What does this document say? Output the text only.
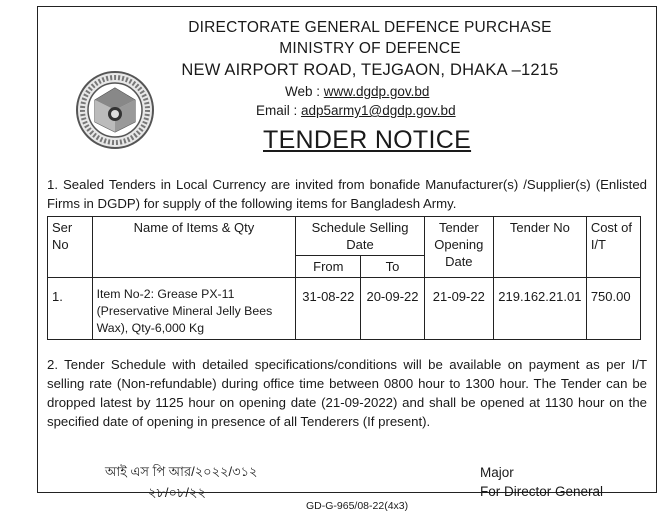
DIRECTORATE GENERAL DEFENCE PURCHASE
MINISTRY OF DEFENCE
NEW AIRPORT ROAD, TEJGAON, DHAKA –1215
Web : www.dgdp.gov.bd
Email : adp5army1@dgdp.gov.bd
TENDER NOTICE
1. Sealed Tenders in Local Currency are invited from bonafide Manufacturer(s) /Supplier(s) (Enlisted Firms in DGDP) for supply of the following items for Bangladesh Army.
Ser No	Name of Items & Qty	Schedule Selling Date		Tender Opening Date	Tender No	Cost of I/T
		From	To			
1.	Item No-2: Grease PX-11 (Preservative Mineral Jelly Bees Wax), Qty-6,000 Kg	31-08-22	20-09-22	21-09-22	219.162.21.01	750.00
2. Tender Schedule with detailed specifications/conditions will be available on payment as per I/T selling rate (Non-refundable) during office time between 0800 hour to 1300 hour. The Tender can be dropped latest by 1125 hour on opening date (21-09-2022) and shall be opened at 1130 hour on the specified date of opening in presence of all Tenderers (If present).
আই এস পি আর/২০২২/৩১২
২৮/০৮/২২
Major
For Director General
GD-G-965/08-22(4x3)
